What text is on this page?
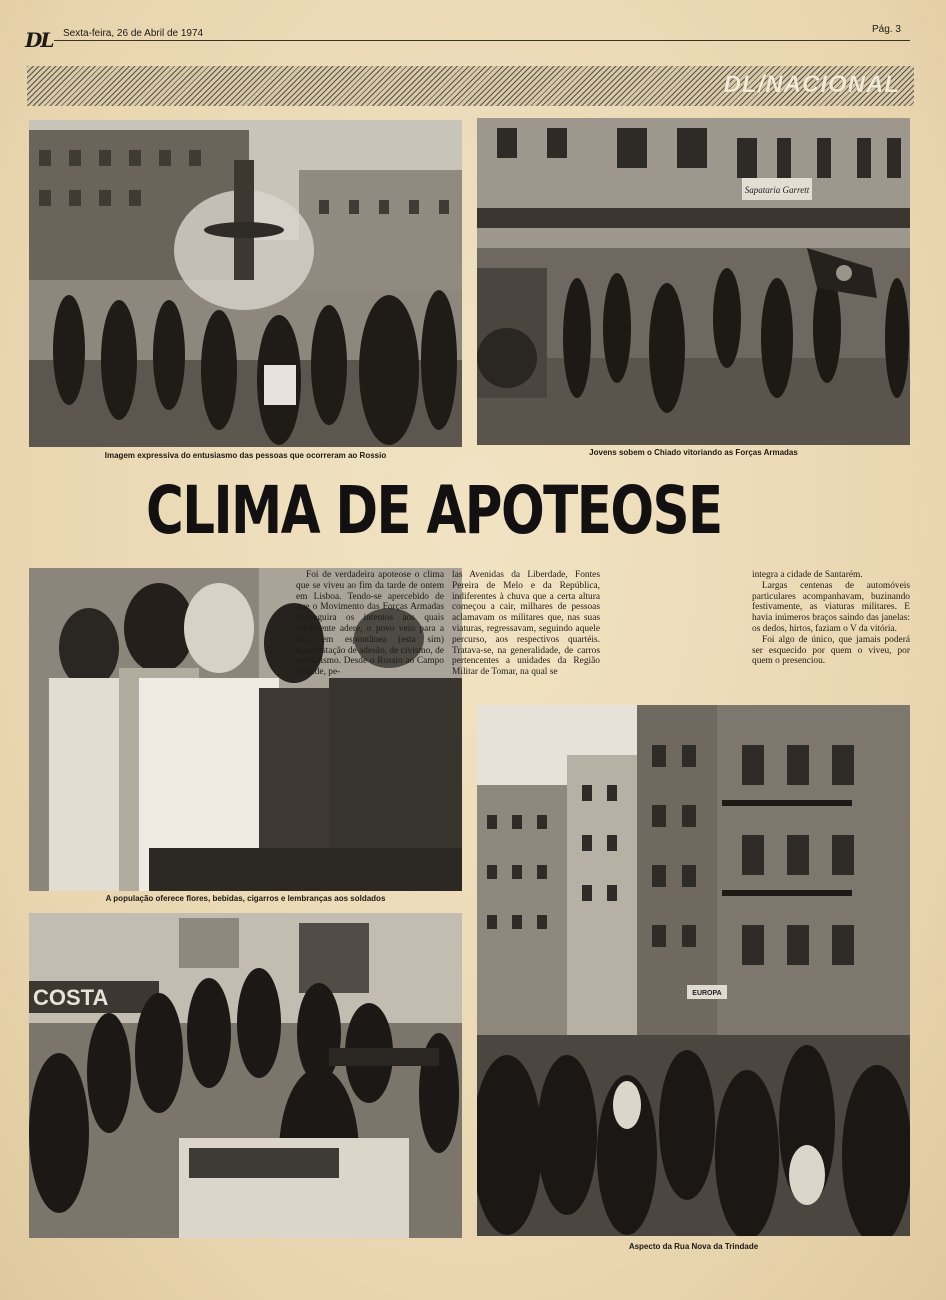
DL Sexta-feira, 26 de Abril de 1974	Pág. 3
DL/NACIONAL
Imagem expressiva do entusiasmo das pessoas que ocorreram ao Rossio
Sapataria Garrett
Jovens sobem o Chiado vitoriando as Forças Armadas
CLIMA DE APOTEOSE
A população oferece flores, bebidas, cigarros e lembranças aos soldados

Foi de verdadeira apoteose o clima que se viveu ao fim da tarde de ontem em Lisboa. Tendo-se apercebido de que o Movimento das Forças Armadas conseguira os intentos aos quais totalmente adere, o povo veio para a rua, em espontânea (esta sim) manifestação de adesão, de civismo, de patriotismo. Desde o Rossio ao Campo Grande, pe-

las Avenidas da Liberdade, Fontes Pereira de Melo e da República, indiferentes à chuva que a certa altura começou a cair, milhares de pessoas aclamavam os militares que, nas suas viaturas, regressavam, seguindo aquele percurso, aos respectivos quartéis. Tratava-se, na generalidade, de carros pertencentes a unidades da Região Militar de Tomar, na qual se

integra a cidade de Santarém.

Largas centenas de automóveis particulares acompanhavam, buzinando festivamente, as viaturas militares. E havia inúmeros braços saindo das janelas: os dedos, hirtos, faziam o V da vitória.

Foi algo de único, que jamais poderá ser esquecido por quem o viveu, por quem o presenciou.

COSTA	EUROPA
Aspecto da Rua Nova da Trindade
